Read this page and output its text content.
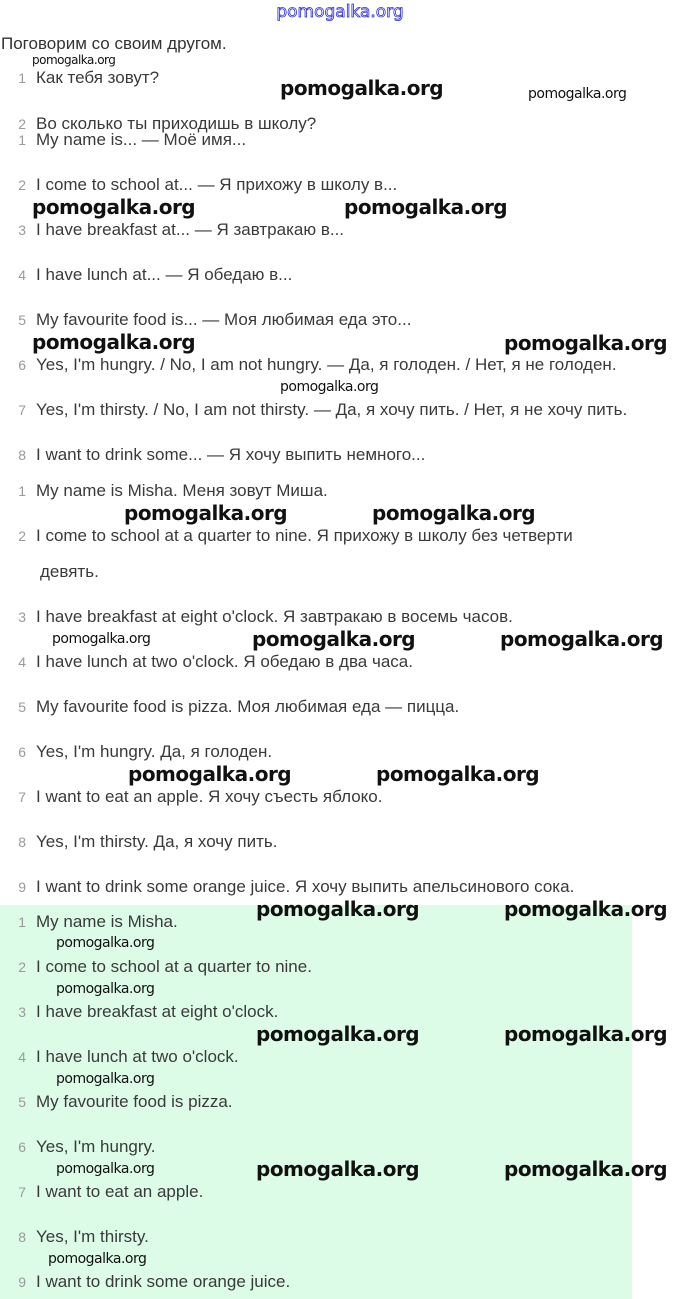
pomogalka.org
Поговорим со своим другом.
1 Как тебя зовут?
1 My name is... — Моё имя...
2 I come to school at... — Я прихожу в школу в...
3 I have breakfast at... — Я завтракаю в...
4 I have lunch at... — Я обедаю в...
5 My favourite food is... — Моя любимая еда это...
6 Yes, I'm hungry. / No, I am not hungry. — Да, я голоден. / Нет, я не голоден.
7 Yes, I'm thirsty. / No, I am not thirsty. — Да, я хочу пить. / Нет, я не хочу пить.
8 I want to drink some... — Я хочу выпить немного...
1 My name is Misha. Меня зовут Миша.
2 I come to school at a quarter to nine. Я прихожу в школу без четверти
девять.
3 I have breakfast at eight o'clock. Я завтракаю в восемь часов.
4 I have lunch at two o'clock. Я обедаю в два часа.
5 My favourite food is pizza. Моя любимая еда — пицца.
6 Yes, I'm hungry. Да, я голоден.
7 I want to eat an apple. Я хочу съесть яблоко.
8 Yes, I'm thirsty. Да, я хочу пить.
9 I want to drink some orange juice. Я хочу выпить апельсинового сока.
1 My name is Misha.
2 I come to school at a quarter to nine.
3 I have breakfast at eight o'clock.
4 I have lunch at two o'clock.
5 My favourite food is pizza.
6 Yes, I'm hungry.
7 I want to eat an apple.
8 Yes, I'm thirsty.
9 I want to drink some orange juice.
2 Во сколько ты приходишь в школу?
pomogalka.org
pomogalka.org	pomogalka.org
pomogalka.org	pomogalka.org
pomogalka.org	pomogalka.org
pomogalka.org
pomogalka.org	pomogalka.org
pomogalka.org	pomogalka.org	pomogalka.org
pomogalka.org	pomogalka.org
pomogalka.org
pomogalka.org	pomogalka.org
pomogalka.org
pomogalka.org	pomogalka.org
pomogalka.org
pomogalka.org	pomogalka.org	pomogalka.org
pomogalka.org
